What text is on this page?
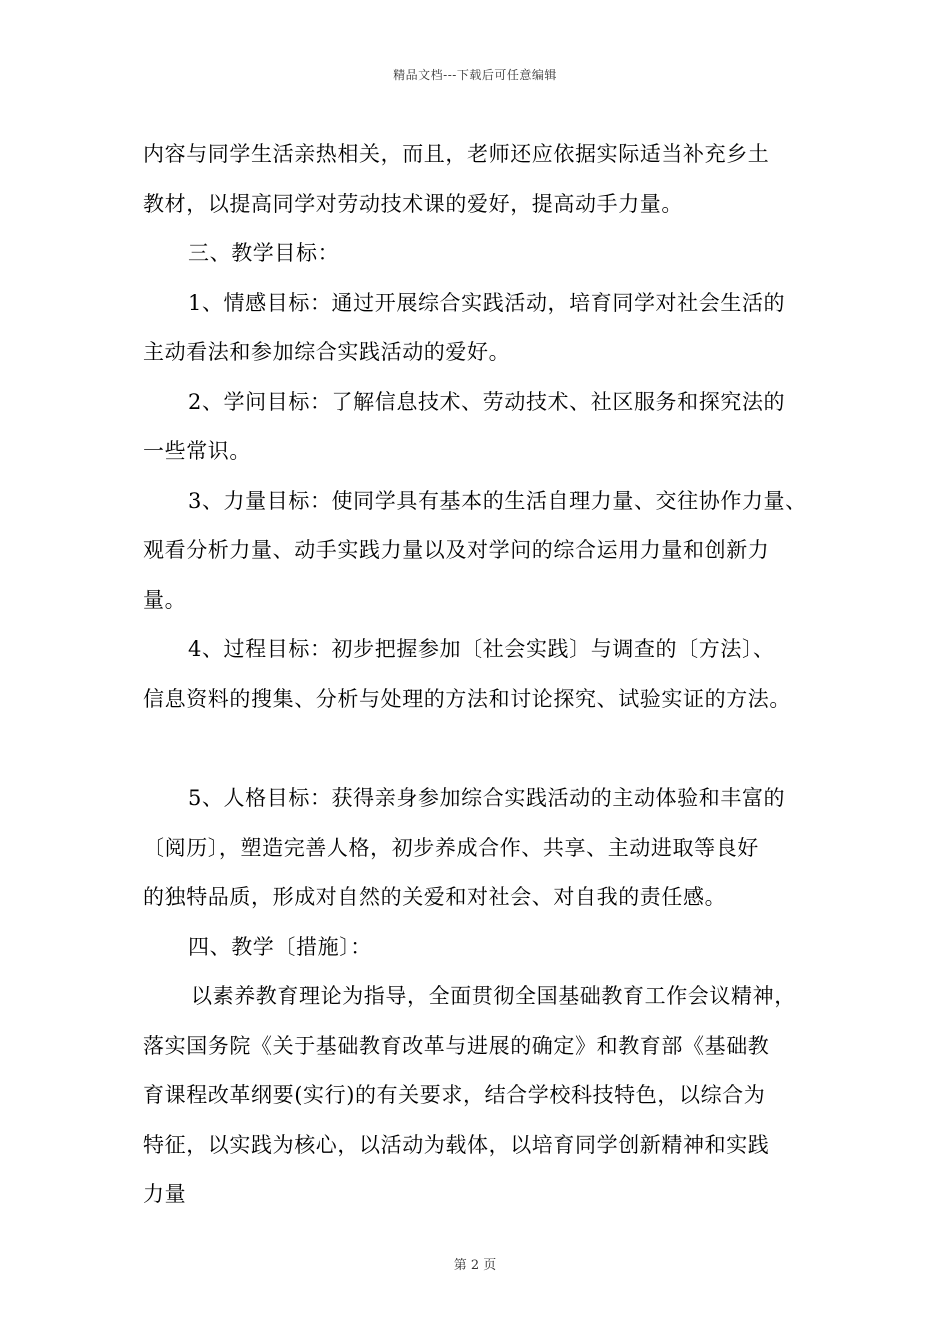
精品文档---下载后可任意编辑
内容与同学生活亲热相关，而且，老师还应依据实际适当补充乡土
教材，以提高同学对劳动技术课的爱好，提高动手力量。
三、教学目标：
1、情感目标：通过开展综合实践活动，培育同学对社会生活的
主动看法和参加综合实践活动的爱好。
2、学问目标：了解信息技术、劳动技术、社区服务和探究法的
一些常识。
3、力量目标：使同学具有基本的生活自理力量、交往协作力量、
观看分析力量、动手实践力量以及对学问的综合运用力量和创新力
量。
4、过程目标：初步把握参加〔社会实践〕与调查的〔方法〕、
信息资料的搜集、分析与处理的方法和讨论探究、试验实证的方法。
5、人格目标：获得亲身参加综合实践活动的主动体验和丰富的
〔阅历〕，塑造完善人格，初步养成合作、共享、主动进取等良好
的独特品质，形成对自然的关爱和对社会、对自我的责任感。
四、教学〔措施〕：
以素养教育理论为指导，全面贯彻全国基础教育工作会议精神，
落实国务院《关于基础教育改革与进展的确定》和教育部《基础教
育课程改革纲要(实行)的有关要求，结合学校科技特色，以综合为
特征，以实践为核心，以活动为载体，以培育同学创新精神和实践
力量
第 2 页
